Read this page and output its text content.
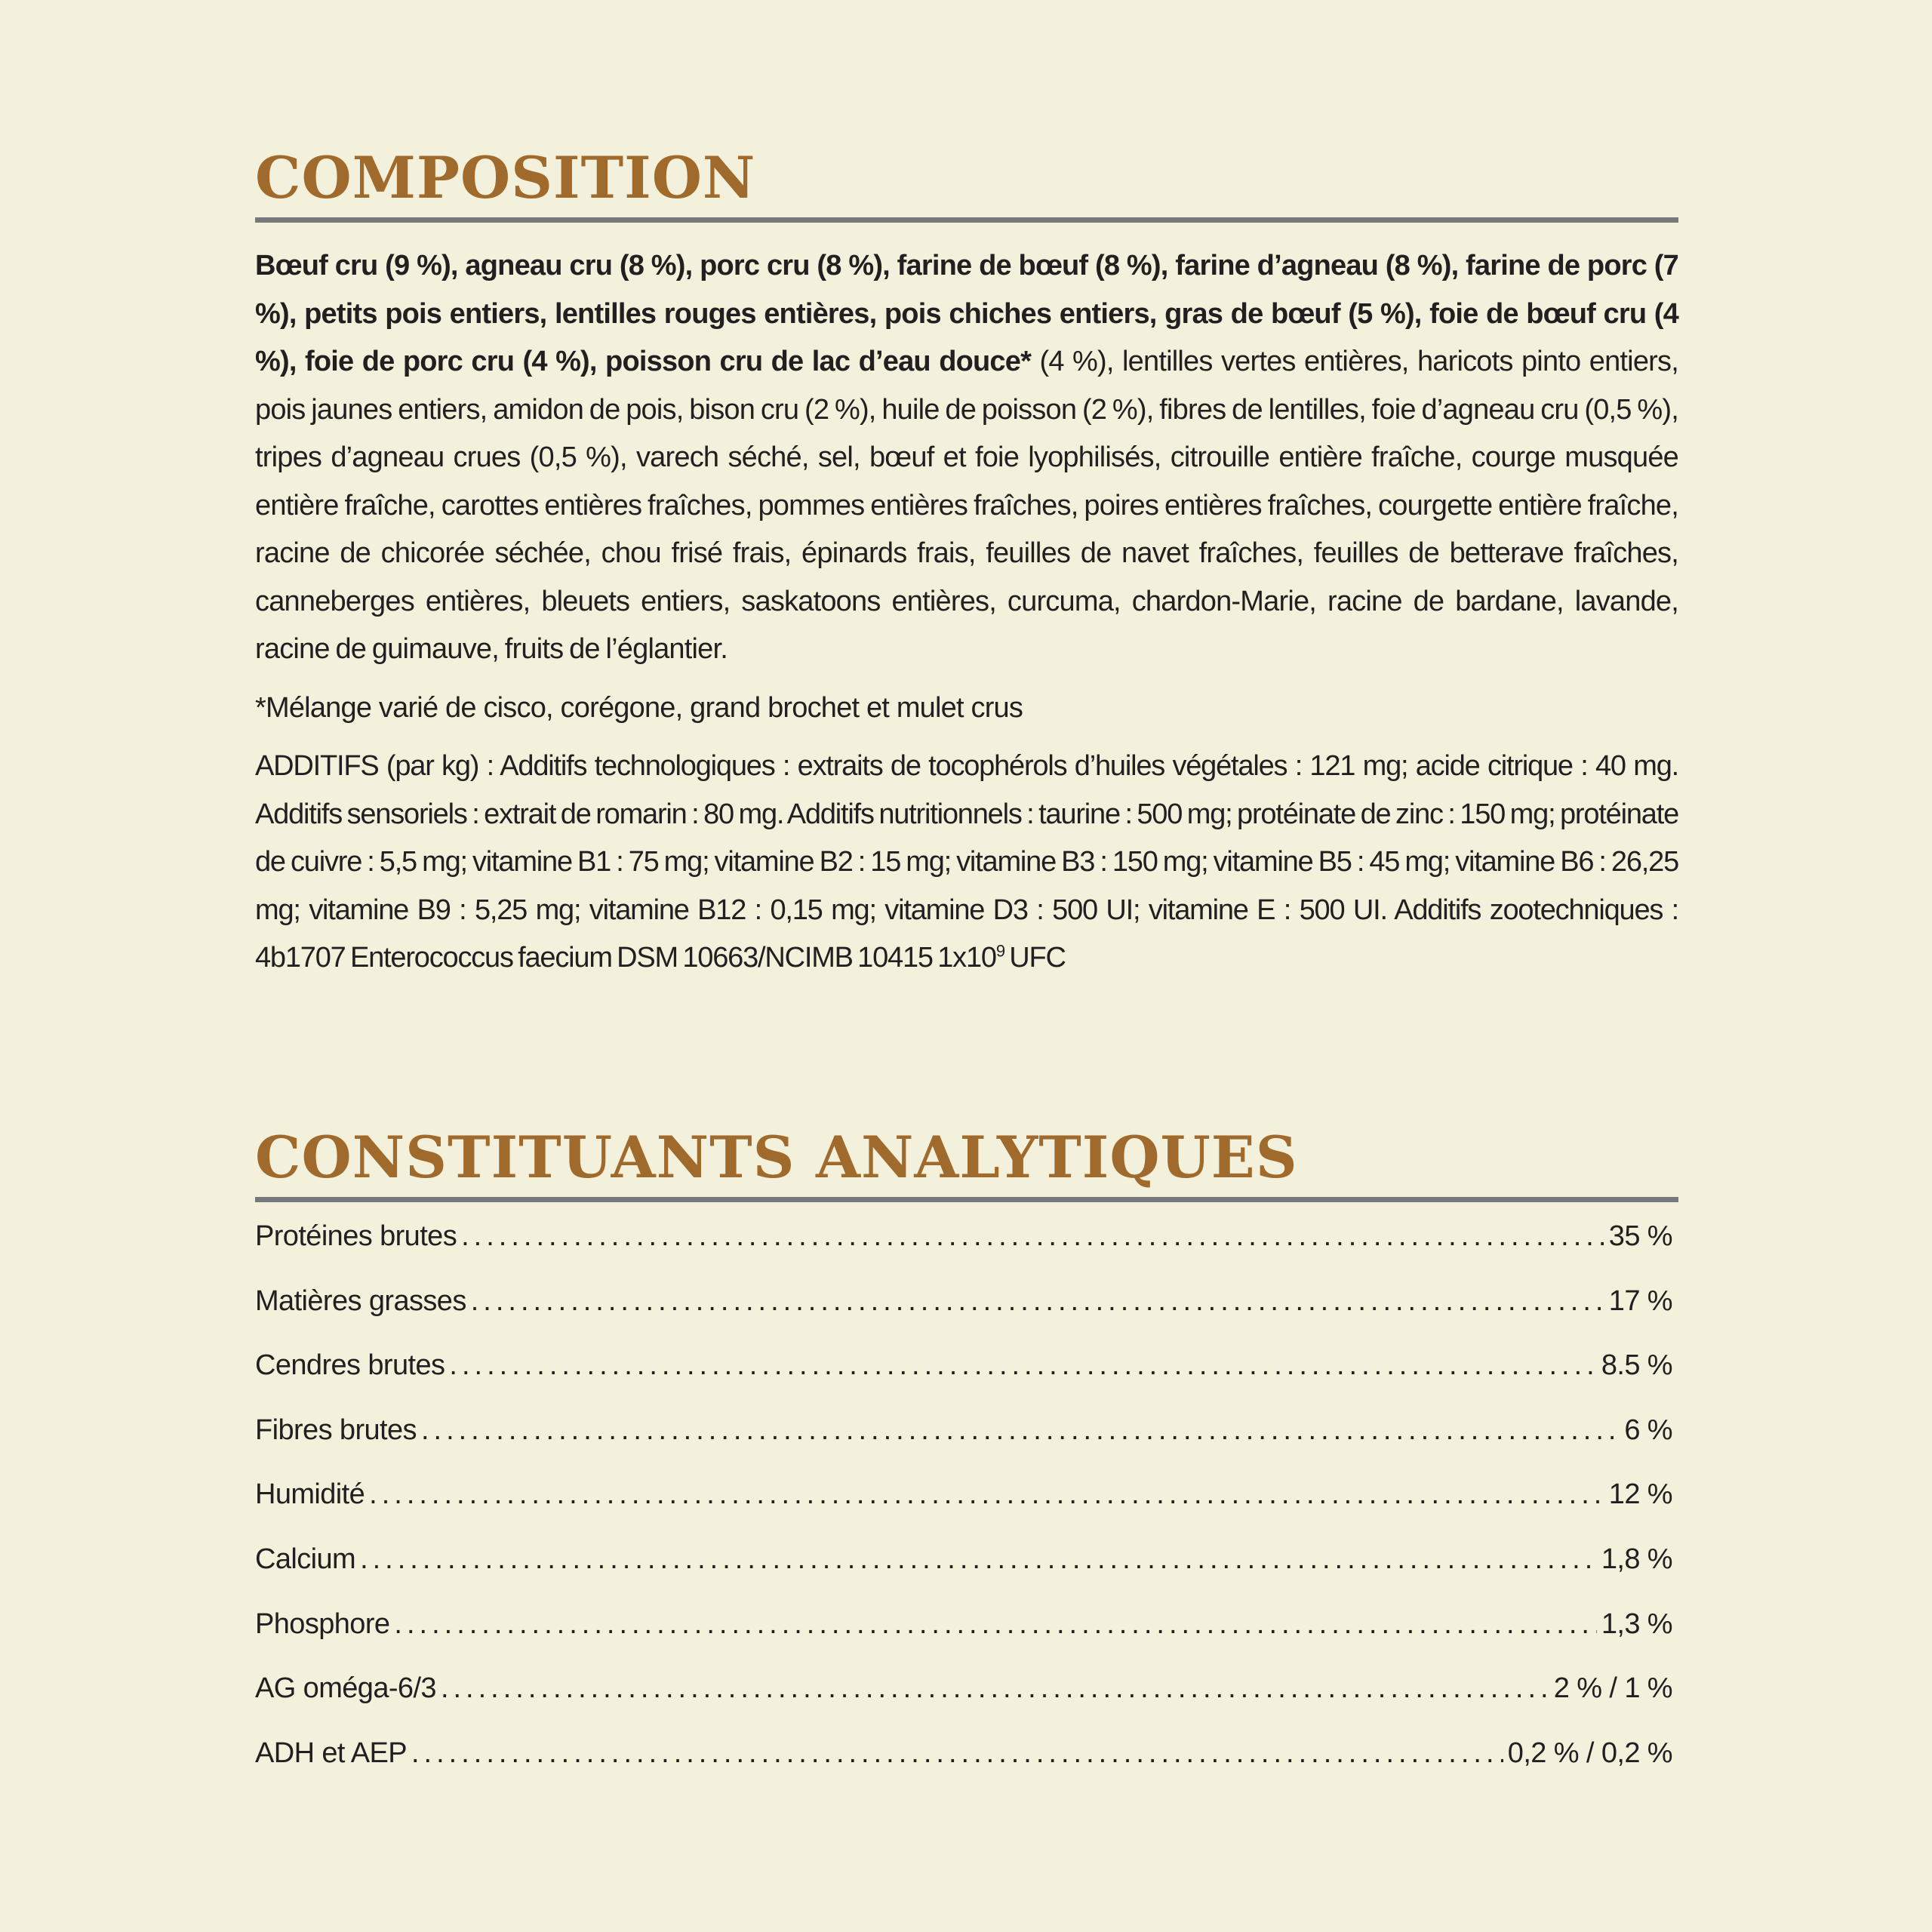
COMPOSITION

Bœuf cru (9 %), agneau cru (8 %), porc cru (8 %), farine de bœuf (8 %), farine d’agneau (8 %), farine de porc (7 %), petits pois entiers, lentilles rouges entières, pois chiches entiers, gras de bœuf (5 %), foie de bœuf cru (4 %), foie de porc cru (4 %), poisson cru de lac d’eau douce* (4 %), lentilles vertes entières, haricots pinto entiers, pois jaunes entiers, amidon de pois, bison cru (2 %), huile de poisson (2 %), fibres de lentilles, foie d’agneau cru (0,5 %), tripes d’agneau crues (0,5 %), varech séché, sel, bœuf et foie lyophilisés, citrouille entière fraîche, courge musquée entière fraîche, carottes entières fraîches, pommes entières fraîches, poires entières fraîches, courgette entière fraîche, racine de chicorée séchée, chou frisé frais, épinards frais, feuilles de navet fraîches, feuilles de betterave fraîches, canneberges entières, bleuets entiers, saskatoons entières, curcuma, chardon-Marie, racine de bardane, lavande, racine de guimauve, fruits de l’églantier.

*Mélange varié de cisco, corégone, grand brochet et mulet crus

ADDITIFS (par kg) : Additifs technologiques : extraits de tocophérols d’huiles végétales : 121 mg; acide citrique : 40 mg. Additifs sensoriels : extrait de romarin : 80 mg. Additifs nutritionnels : taurine : 500 mg; protéinate de zinc : 150 mg; protéinate de cuivre : 5,5 mg; vitamine B1 : 75 mg; vitamine B2 : 15 mg; vitamine B3 : 150 mg; vitamine B5 : 45 mg; vitamine B6 : 26,25 mg; vitamine B9 : 5,25 mg; vitamine B12 : 0,15 mg; vitamine D3 : 500 UI; vitamine E : 500 UI. Additifs zootechniques : 4b1707 Enterococcus faecium DSM 10663/NCIMB 10415 $1x10^9$ UFC

CONSTITUANTS ANALYTIQUES
Protéines brutes .....	35 %
Matières grasses .....	17 %
Cendres brutes .....	8.5 %
Fibres brutes .....	6 %
Humidité .....	12 %
Calcium .....	1,8 %
Phosphore .....	1,3 %
AG oméga-6/3 .....	2 % / 1 %
ADH et AEP .....	0,2 % / 0,2 %
